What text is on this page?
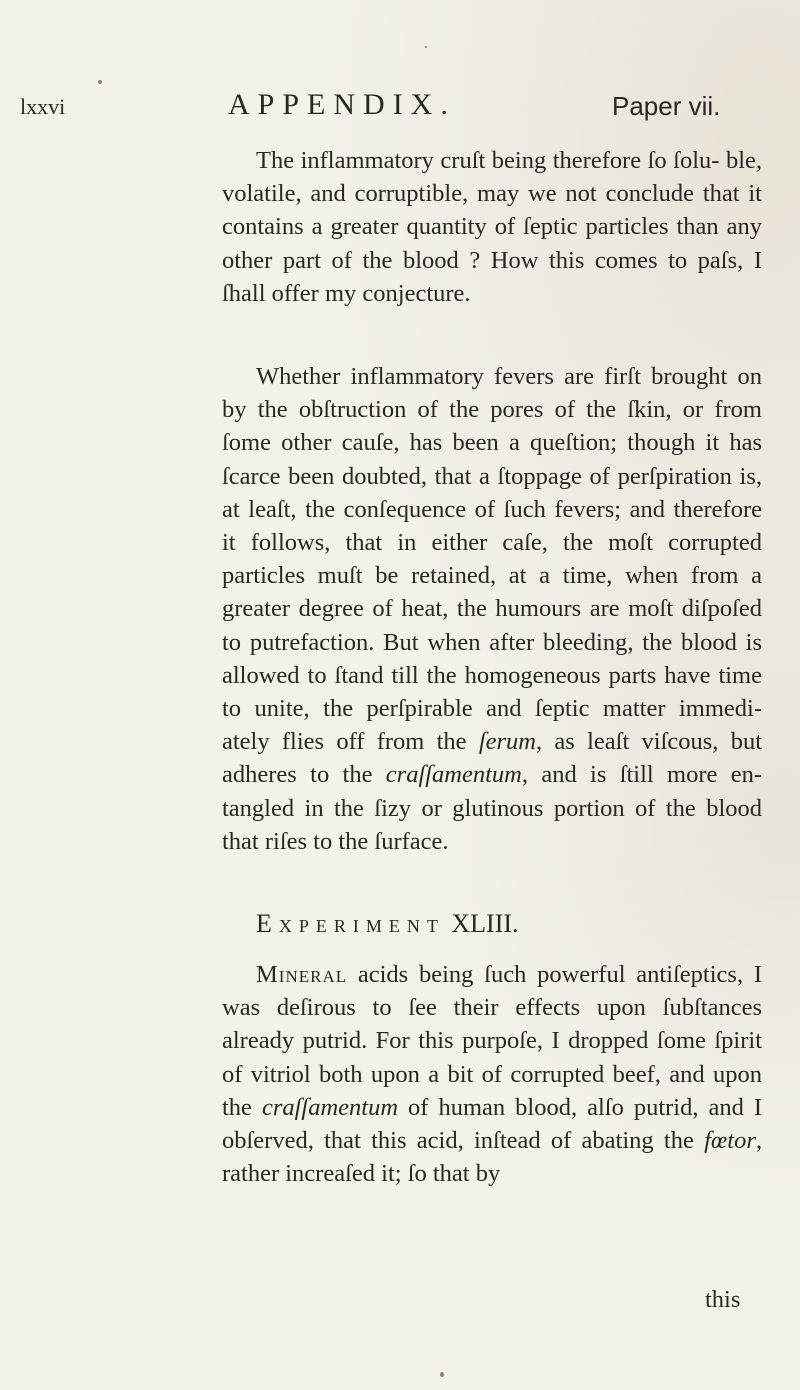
lxxvi	APPENDIX.	Paper vii.

The inflammatory cruſt being therefore ſo ſolu- ble, volatile, and corruptible, may we not conclude that it contains a greater quantity of ſeptic particles than any other part of the blood ? How this comes to paſs, I ſhall offer my conjecture.

Whether inflammatory fevers are firſt brought on by the obſtruction of the pores of the ſkin, or from ſome other cauſe, has been a queſtion; though it has ſcarce been doubted, that a ſtoppage of perſpiration is, at leaſt, the conſequence of ſuch fevers; and therefore it follows, that in either caſe, the moſt corrupted particles muſt be retained, at a time, when from a greater degree of heat, the humours are moſt diſpoſed to putrefaction. But when after bleeding, the blood is allowed to ſtand till the homogeneous parts have time to unite, the perſpirable and ſeptic matter immedi- ately flies off from the ſerum, as leaſt viſcous, but adheres to the craſſamentum, and is ſtill more en- tangled in the ſizy or glutinous portion of the blood that riſes to the ſurface.

Experiment XLIII.

Mineral acids being ſuch powerful antiſeptics, I was deſirous to ſee their effects upon ſubſtances already putrid. For this purpoſe, I dropped ſome ſpirit of vitriol both upon a bit of corrupted beef, and upon the craſſamentum of human blood, alſo putrid, and I obſerved, that this acid, inſtead of abating the fœtor, rather increaſed it; ſo that by

this
